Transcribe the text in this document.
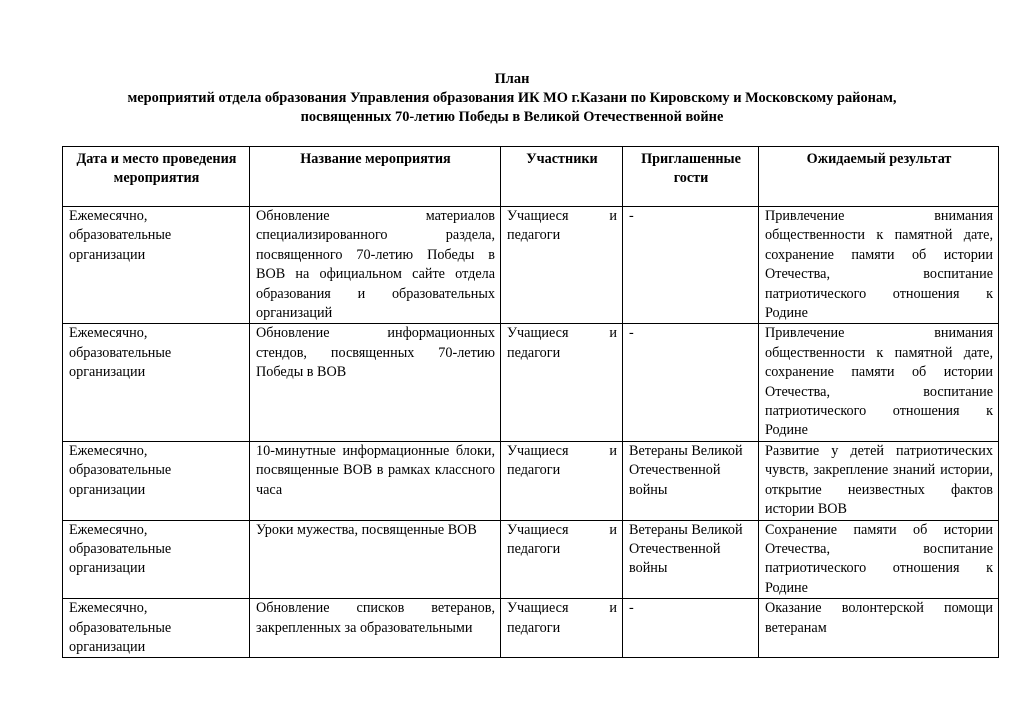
План
мероприятий отдела образования Управления образования ИК МО г.Казани по Кировскому и Московскому районам,
посвященных 70-летию Победы в Великой Отечественной войне
Дата и место проведения мероприятия	Название мероприятия	Участники	Приглашенные гости	Ожидаемый результат
Ежемесячно, образовательные организации	Обновление материалов специализированного раздела, посвященного 70-летию Победы в ВОВ на официальном сайте отдела образования и образовательных организаций	Учащиеся и педагоги	-	Привлечение внимания общественности к памятной дате, сохранение памяти об истории Отечества, воспитание патриотического отношения к Родине
Ежемесячно, образовательные организации	Обновление информационных стендов, посвященных 70-летию Победы в ВОВ	Учащиеся и педагоги	-	Привлечение внимания общественности к памятной дате, сохранение памяти об истории Отечества, воспитание патриотического отношения к Родине
Ежемесячно, образовательные организации	10-минутные информационные блоки, посвященные ВОВ в рамках классного часа	Учащиеся и педагоги	Ветераны Великой Отечественной войны	Развитие у детей патриотических чувств, закрепление знаний истории, открытие неизвестных фактов истории ВОВ
Ежемесячно, образовательные организации	Уроки мужества, посвященные ВОВ	Учащиеся и педагоги	Ветераны Великой Отечественной войны	Сохранение памяти об истории Отечества, воспитание патриотического отношения к Родине
Ежемесячно, образовательные организации	Обновление списков ветеранов, закрепленных за образовательными	Учащиеся и педагоги	-	Оказание волонтерской помощи ветеранам
